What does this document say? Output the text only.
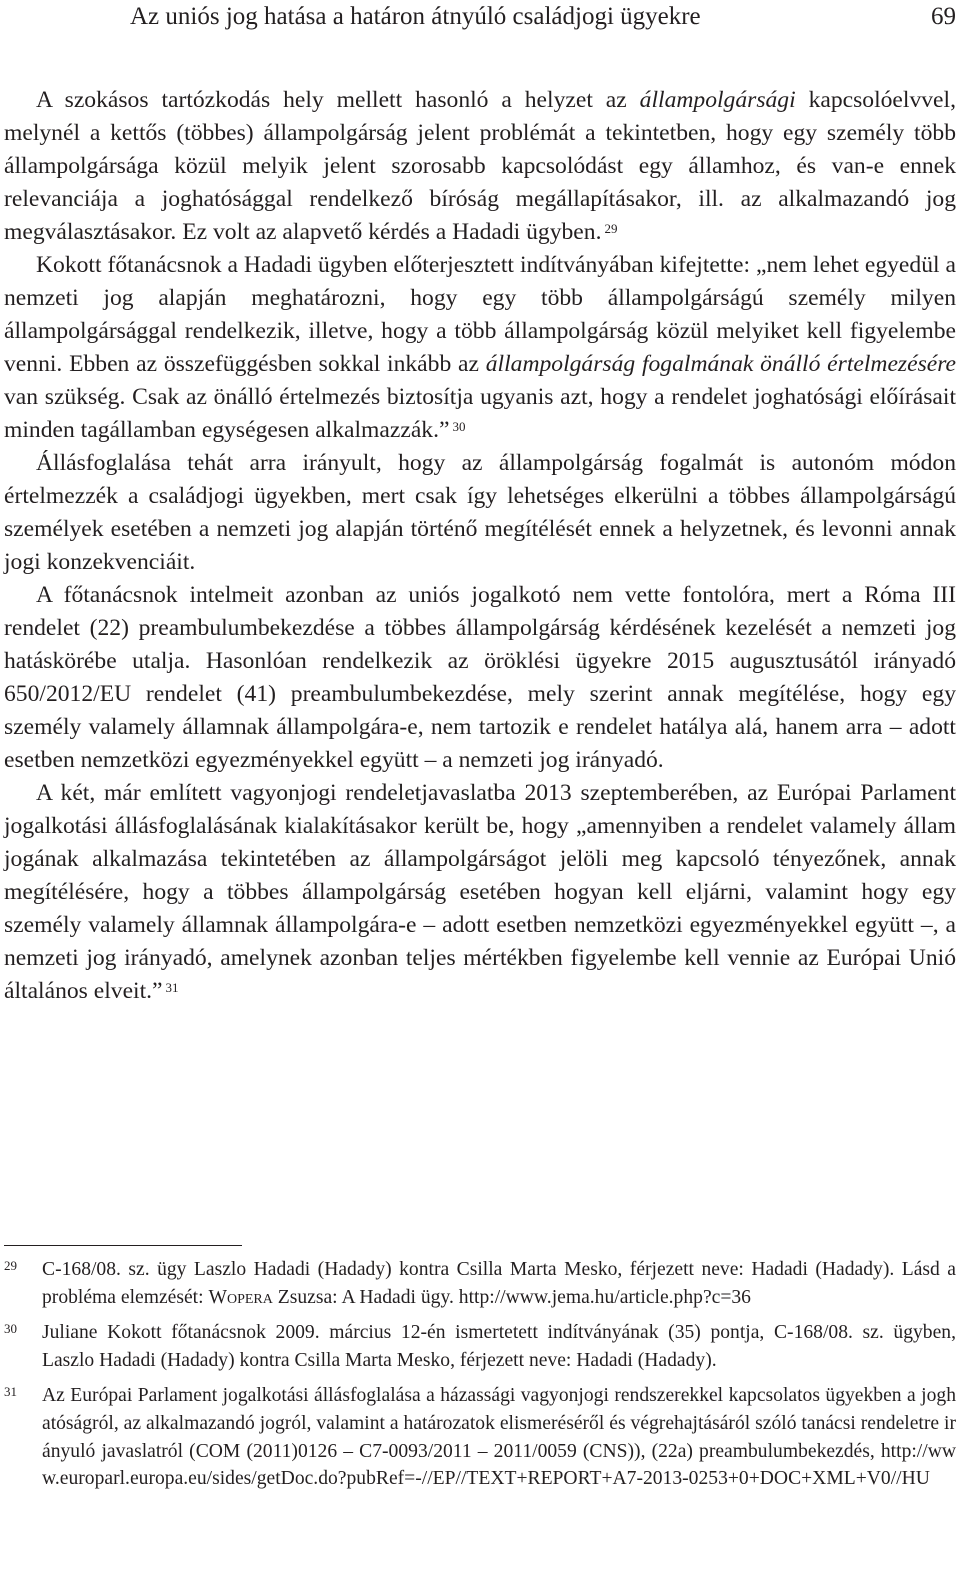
Az uniós jog hatása a határon átnyúló családjogi ügyekre	69

A szokásos tartózkodás hely mellett hasonló a helyzet az állampolgársági kapcsolóelvvel, melynél a kettős (többes) állampolgárság jelent problémát a tekintetben, hogy egy személy több állampolgársága közül melyik jelent szorosabb kapcsolódást egy államhoz, és van-e ennek relevanciája a joghatósággal rendelkező bíróság megállapításakor, ill. az alkalmazandó jog megválasztásakor. Ez volt az alapvető kérdés a Hadadi ügyben. $^{29}$

Kokott főtanácsnok a Hadadi ügyben előterjesztett indítványában kifejtette: „nem lehet egyedül a nemzeti jog alapján meghatározni, hogy egy több állampolgárságú személy milyen állampolgársággal rendelkezik, illetve, hogy a több állampolgárság közül melyiket kell figyelembe venni. Ebben az összefüggésben sokkal inkább az állampolgárság fogalmának önálló értelmezésére van szükség. Csak az önálló értelmezés biztosítja ugyanis azt, hogy a rendelet joghatósági előírásait minden tagállamban egységesen alkalmazzák.” $^{30}$

Állásfoglalása tehát arra irányult, hogy az állampolgárság fogalmát is autonóm módon értelmezzék a családjogi ügyekben, mert csak így lehetséges elkerülni a többes állampolgárságú személyek esetében a nemzeti jog alapján történő megítélését ennek a helyzetnek, és levonni annak jogi konzekvenciáit.

A főtanácsnok intelmeit azonban az uniós jogalkotó nem vette fontolóra, mert a Róma III rendelet (22) preambulumbekezdése a többes állampolgárság kérdésének kezelését a nemzeti jog hatáskörébe utalja. Hasonlóan rendelkezik az öröklési ügyekre 2015 augusztusától irányadó 650/2012/EU rendelet (41) preambulumbekezdése, mely szerint annak megítélése, hogy egy személy valamely államnak állampolgára-e, nem tartozik e rendelet hatálya alá, hanem arra – adott esetben nemzetközi egyezményekkel együtt – a nemzeti jog irányadó.

A két, már említett vagyonjogi rendeletjavaslatba 2013 szeptemberében, az Európai Parlament jogalkotási állásfoglalásának kialakításakor került be, hogy „amennyiben a rendelet valamely állam jogának alkalmazása tekintetében az állampolgárságot jelöli meg kapcsoló tényezőnek, annak megítélésére, hogy a többes állampolgárság esetében hogyan kell eljárni, valamint hogy egy személy valamely államnak állampolgára-e – adott esetben nemzetközi egyezményekkel együtt –, a nemzeti jog irányadó, amelynek azonban teljes mértékben figyelembe kell vennie az Európai Unió általános elveit.” $^{31}$

29 C-168/08. sz. ügy Laszlo Hadadi (Hadady) kontra Csilla Marta Mesko, férjezett neve: Hadadi (Hadady). Lásd a probléma elemzését: Wopera Zsuzsa: A Hadadi ügy. http://www.jema.hu/article.php?c=36
30 Juliane Kokott főtanácsnok 2009. március 12-én ismertetett indítványának (35) pontja, C-168/08. sz. ügyben, Laszlo Hadadi (Hadady) kontra Csilla Marta Mesko, férjezett neve: Hadadi (Hadady).
31 Az Európai Parlament jogalkotási állásfoglalása a házassági vagyonjogi rendszerekkel kapcsolatos ügyekben a joghatóságról, az alkalmazandó jogról, valamint a határozatok elismeréséről és végrehajtásáról szóló tanácsi rendeletre irányuló javaslatról (COM (2011)0126 – C7-0093/2011 – 2011/0059 (CNS)), (22a) preambulumbekezdés, http://www.europarl.europa.eu/sides/getDoc.do?pubRef=-//EP//TEXT+REPORT+A7-2013-0253+0+DOC+XML+V0//HU
